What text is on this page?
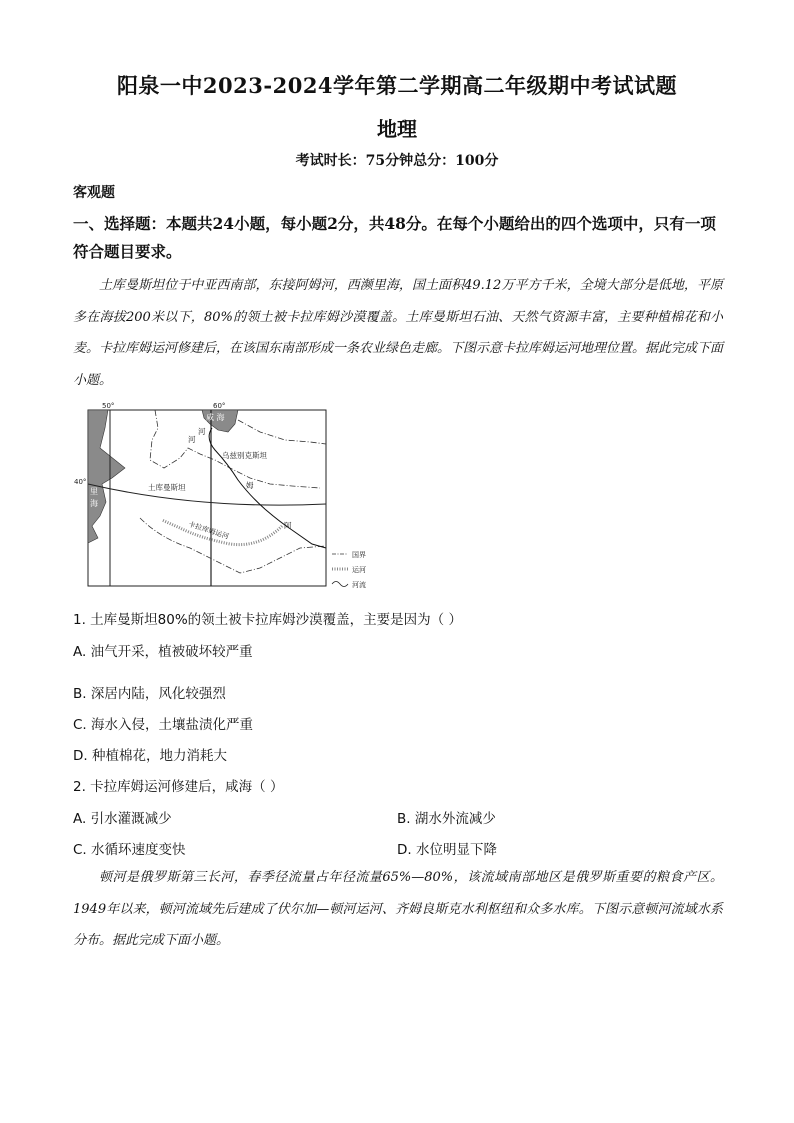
阳泉一中2023-2024学年第二学期高二年级期中考试试题
地理
考试时长：75分钟总分：100分
客观题
一、选择题：本题共24小题，每小题2分，共48分。在每个小题给出的四个选项中，只有一项符合题目要求。
土库曼斯坦位于中亚西南部，东接阿姆河，西濒里海，国土面积49.12万平方千米，全境大部分是低地，平原多在海拔200米以下，80%的领土被卡拉库姆沙漠覆盖。土库曼斯坦石油、天然气资源丰富，主要种植棉花和小麦。卡拉库姆运河修建后，在该国东南部形成一条农业绿色走廊。下图示意卡拉库姆运河地理位置。据此完成下面小题。
50°	60°
40°
咸 海
里
海
乌兹别克斯坦
土库曼斯坦
河
阿
姆
河
卡拉库姆运河
国界
运河
河流
1. 土库曼斯坦80%的领土被卡拉库姆沙漠覆盖，主要是因为（ ）
A. 油气开采，植被破坏较严重
B. 深居内陆，风化较强烈
C. 海水入侵，土壤盐渍化严重
D. 种植棉花，地力消耗大
2. 卡拉库姆运河修建后，咸海（ ）
A. 引水灌溉减少	B. 湖水外流减少
C. 水循环速度变快	D. 水位明显下降
顿河是俄罗斯第三长河，春季径流量占年径流量65%—80%，该流域南部地区是俄罗斯重要的粮食产区。1949年以来，顿河流域先后建成了伏尔加—顿河运河、齐姆良斯克水利枢纽和众多水库。下图示意顿河流域水系分布。据此完成下面小题。
